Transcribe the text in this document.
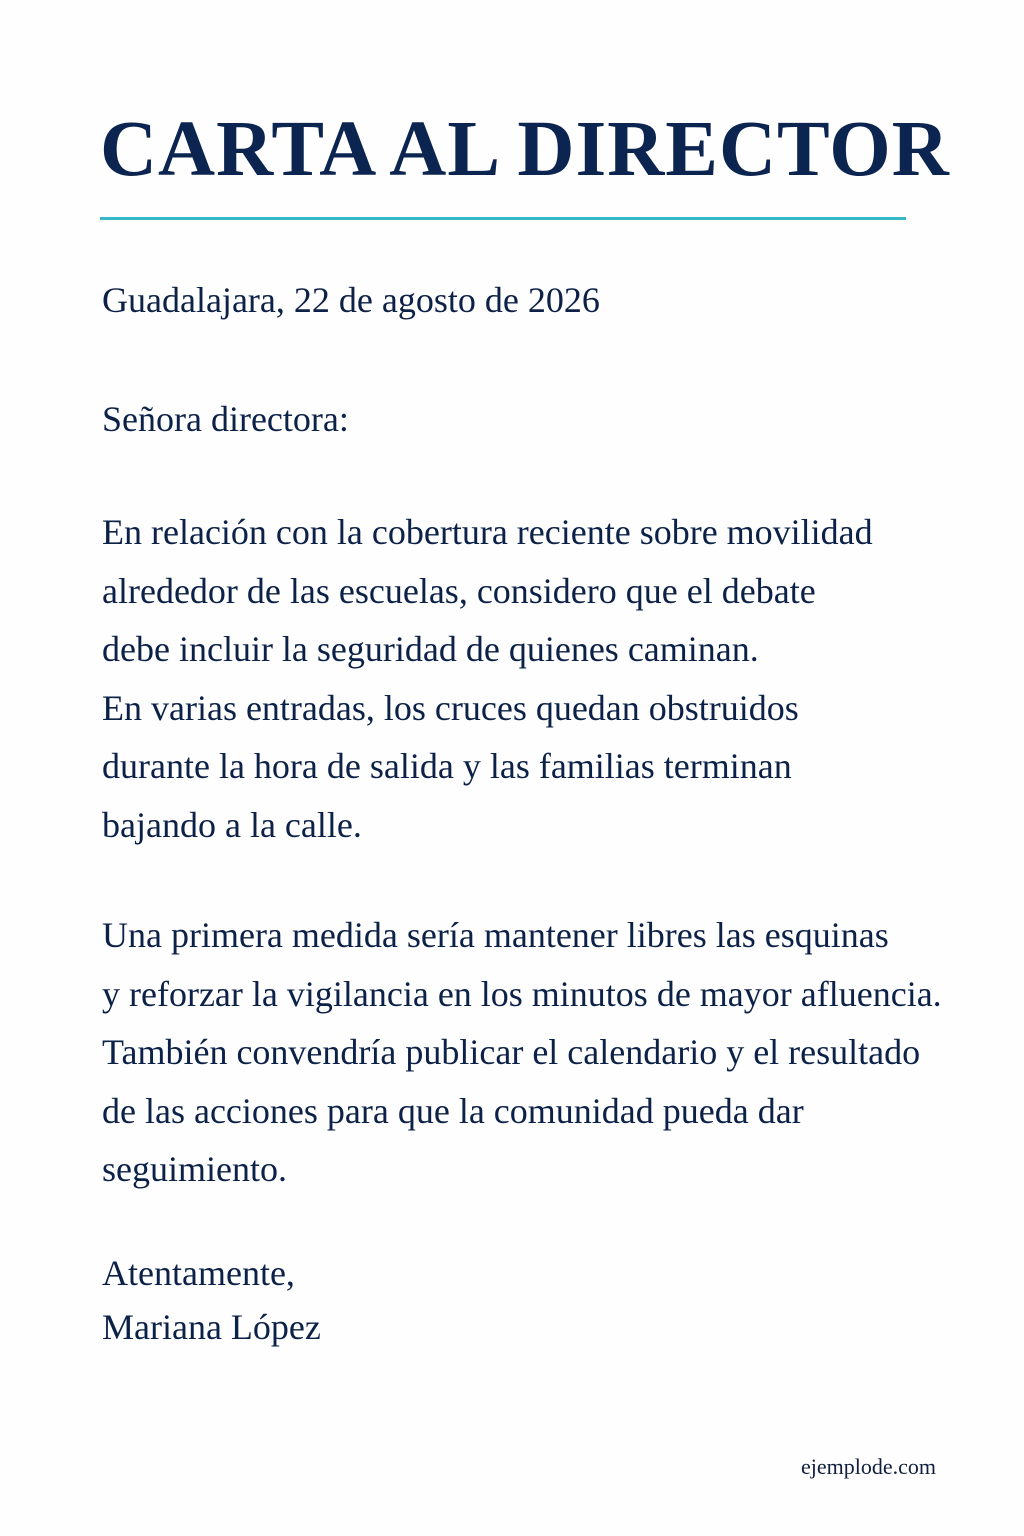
CARTA AL DIRECTOR

Guadalajara, 22 de agosto de 2026

Señora directora:

En relación con la cobertura reciente sobre movilidad
alrededor de las escuelas, considero que el debate
debe incluir la seguridad de quienes caminan.
En varias entradas, los cruces quedan obstruidos
durante la hora de salida y las familias terminan
bajando a la calle.

Una primera medida sería mantener libres las esquinas
y reforzar la vigilancia en los minutos de mayor afluencia.
También convendría publicar el calendario y el resultado
de las acciones para que la comunidad pueda dar
seguimiento.

Atentamente,
Mariana López

ejemplode.com
